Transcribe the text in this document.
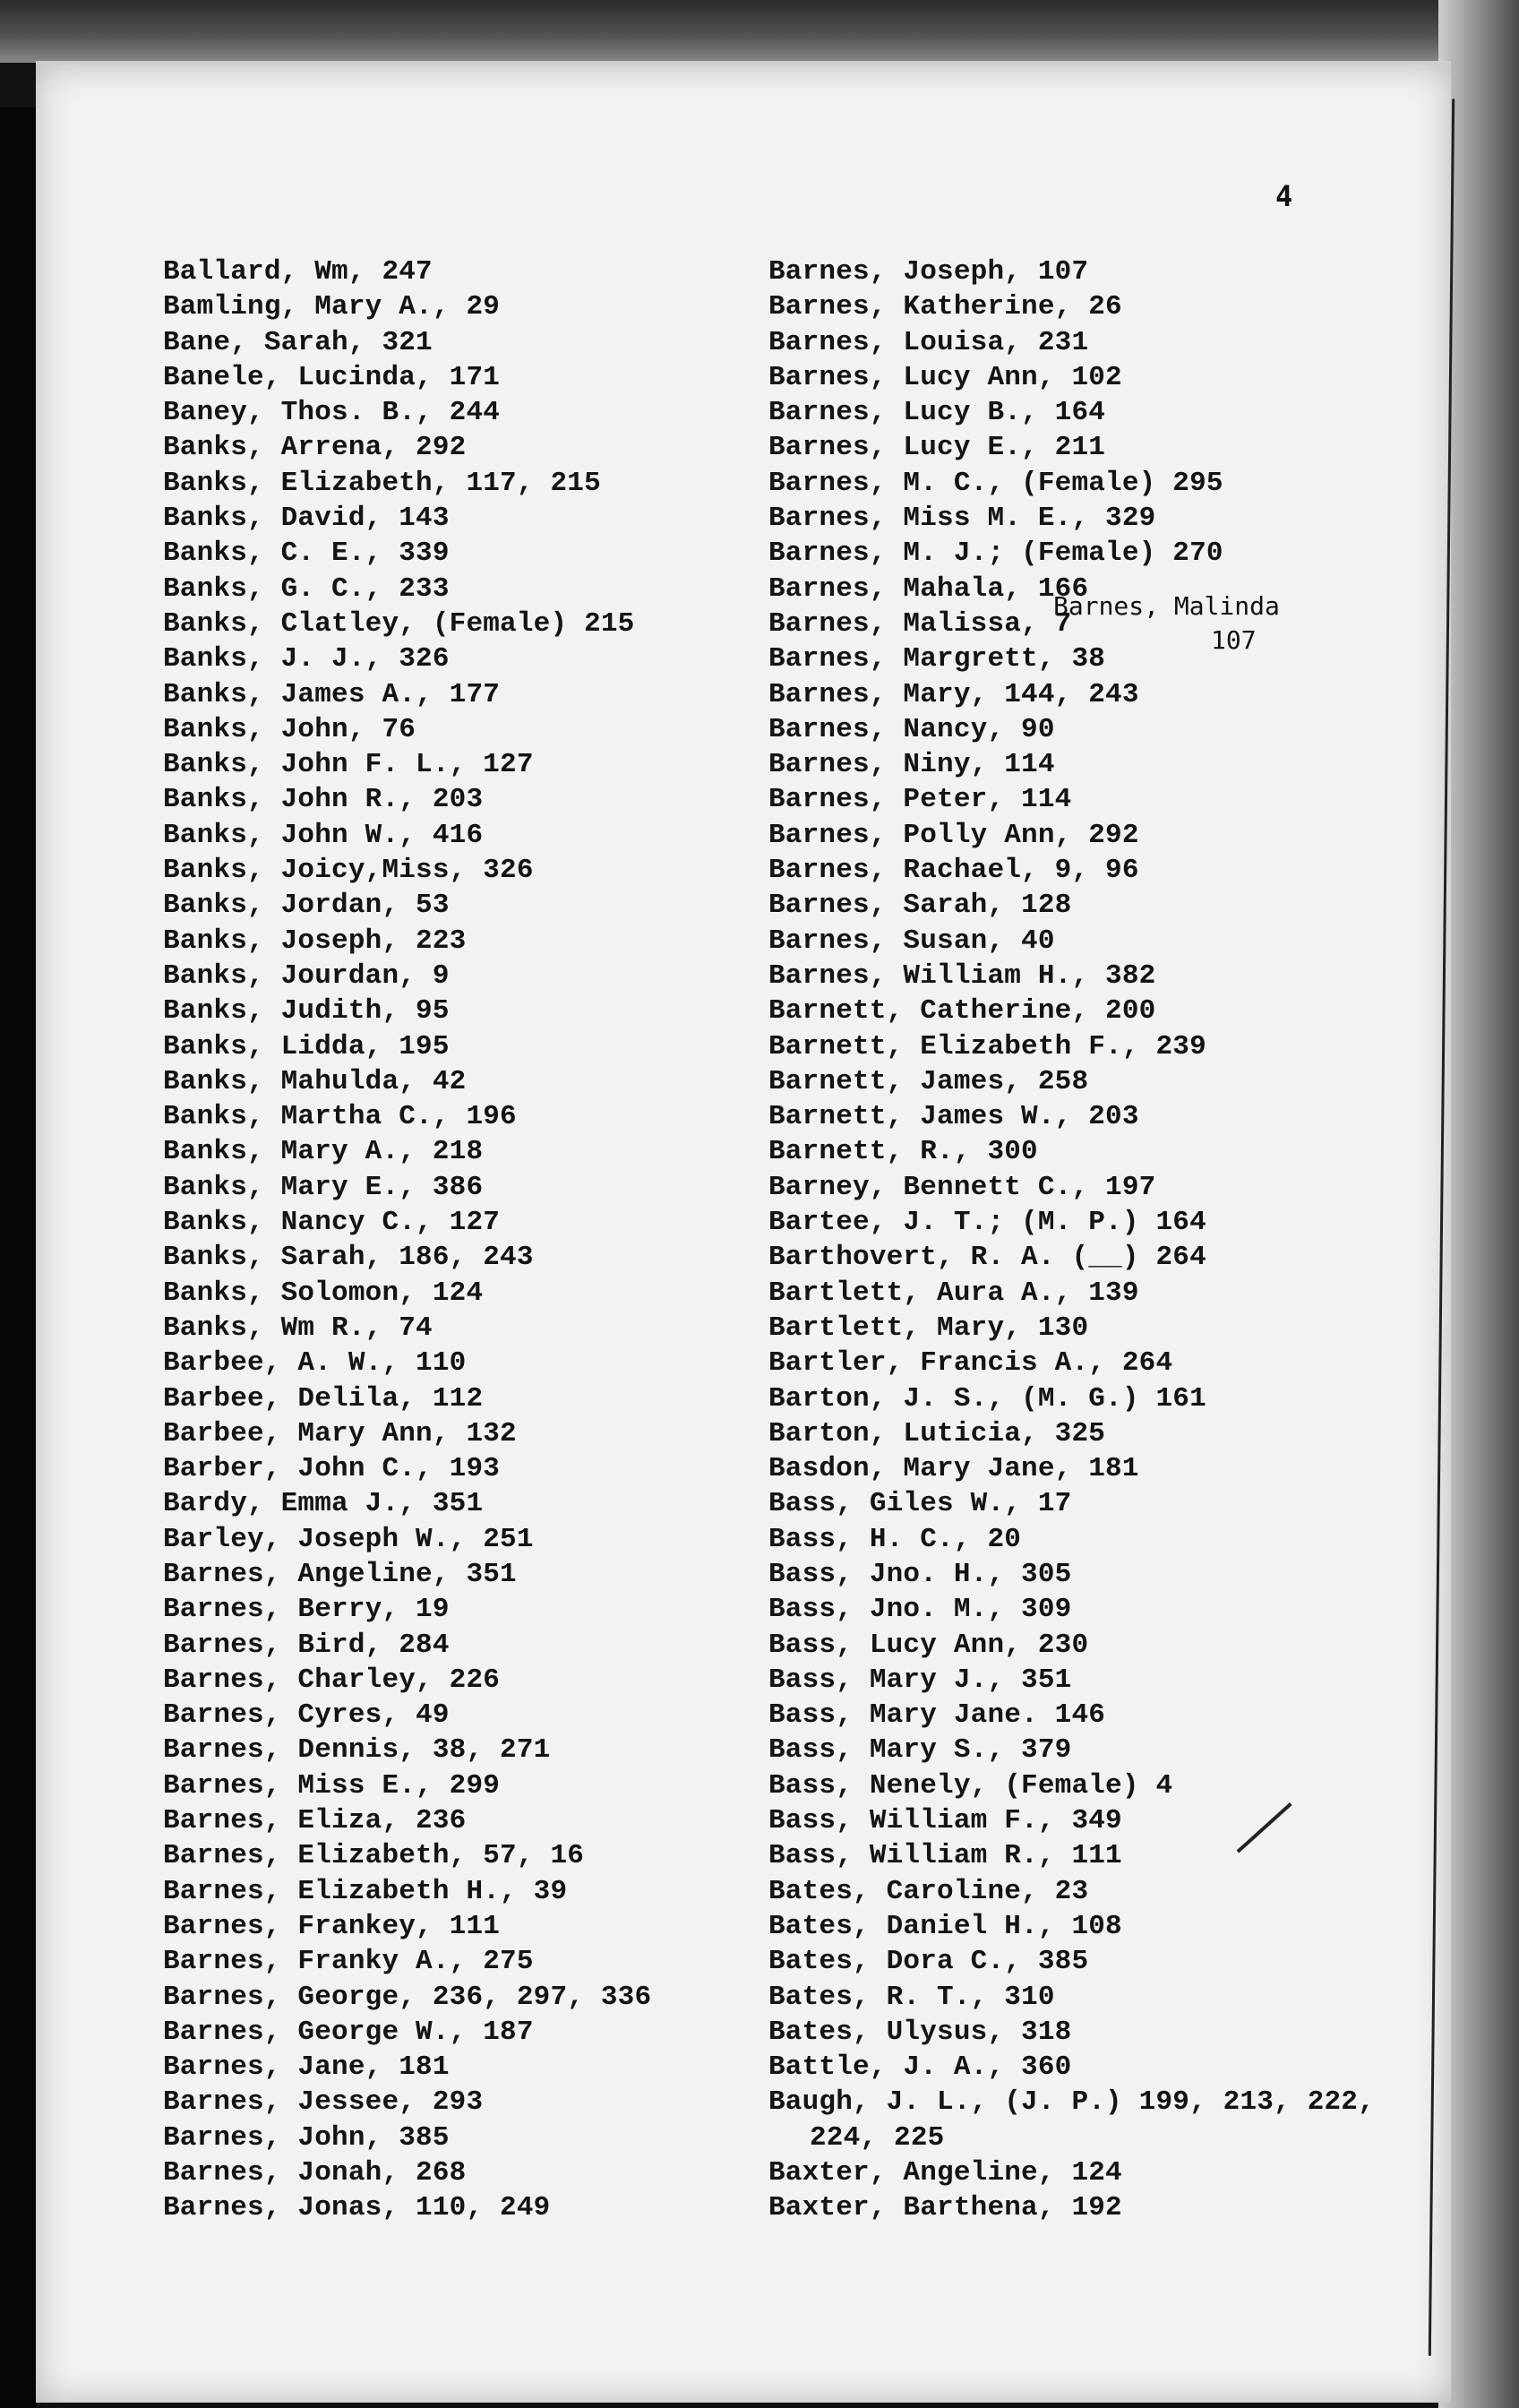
4
Ballard, Wm, 247
Bamling, Mary A., 29
Bane, Sarah, 321
Banele, Lucinda, 171
Baney, Thos. B., 244
Banks, Arrena, 292
Banks, Elizabeth, 117, 215
Banks, David, 143
Banks, C. E., 339
Banks, G. C., 233
Banks, Clatley, (Female) 215
Banks, J. J., 326
Banks, James A., 177
Banks, John, 76
Banks, John F. L., 127
Banks, John R., 203
Banks, John W., 416
Banks, Joicy,Miss, 326
Banks, Jordan, 53
Banks, Joseph, 223
Banks, Jourdan, 9
Banks, Judith, 95
Banks, Lidda, 195
Banks, Mahulda, 42
Banks, Martha C., 196
Banks, Mary A., 218
Banks, Mary E., 386
Banks, Nancy C., 127
Banks, Sarah, 186, 243
Banks, Solomon, 124
Banks, Wm R., 74
Barbee, A. W., 110
Barbee, Delila, 112
Barbee, Mary Ann, 132
Barber, John C., 193
Bardy, Emma J., 351
Barley, Joseph W., 251
Barnes, Angeline, 351
Barnes, Berry, 19
Barnes, Bird, 284
Barnes, Charley, 226
Barnes, Cyres, 49
Barnes, Dennis, 38, 271
Barnes, Miss E., 299
Barnes, Eliza, 236
Barnes, Elizabeth, 57, 16
Barnes, Elizabeth H., 39
Barnes, Frankey, 111
Barnes, Franky A., 275
Barnes, George, 236, 297, 336
Barnes, George W., 187
Barnes, Jane, 181
Barnes, Jessee, 293
Barnes, John, 385
Barnes, Jonah, 268
Barnes, Jonas, 110, 249
Barnes, Joseph, 107
Barnes, Katherine, 26
Barnes, Louisa, 231
Barnes, Lucy Ann, 102
Barnes, Lucy B., 164
Barnes, Lucy E., 211
Barnes, M. C., (Female) 295
Barnes, Miss M. E., 329
Barnes, M. J.; (Female) 270
Barnes, Mahala, 166
Barnes, Malissa, 7
Barnes, Margrett, 38
Barnes, Mary, 144, 243
Barnes, Nancy, 90
Barnes, Niny, 114
Barnes, Peter, 114
Barnes, Polly Ann, 292
Barnes, Rachael, 9, 96
Barnes, Sarah, 128
Barnes, Susan, 40
Barnes, William H., 382
Barnett, Catherine, 200
Barnett, Elizabeth F., 239
Barnett, James, 258
Barnett, James W., 203
Barnett, R., 300
Barney, Bennett C., 197
Bartee, J. T.; (M. P.) 164
Barthovert, R. A. (__) 264
Bartlett, Aura A., 139
Bartlett, Mary, 130
Bartler, Francis A., 264
Barton, J. S., (M. G.) 161
Barton, Luticia, 325
Basdon, Mary Jane, 181
Bass, Giles W., 17
Bass, H. C., 20
Bass, Jno. H., 305
Bass, Jno. M., 309
Bass, Lucy Ann, 230
Bass, Mary J., 351
Bass, Mary Jane. 146
Bass, Mary S., 379
Bass, Nenely, (Female) 4
Bass, William F., 349
Bass, William R., 111
Bates, Caroline, 23
Bates, Daniel H., 108
Bates, Dora C., 385
Bates, R. T., 310
Bates, Ulysus, 318
Battle, J. A., 360
Baugh, J. L., (J. P.) 199, 213, 222,
224, 225
Baxter, Angeline, 124
Baxter, Barthena, 192
Barnes, Malinda
107
